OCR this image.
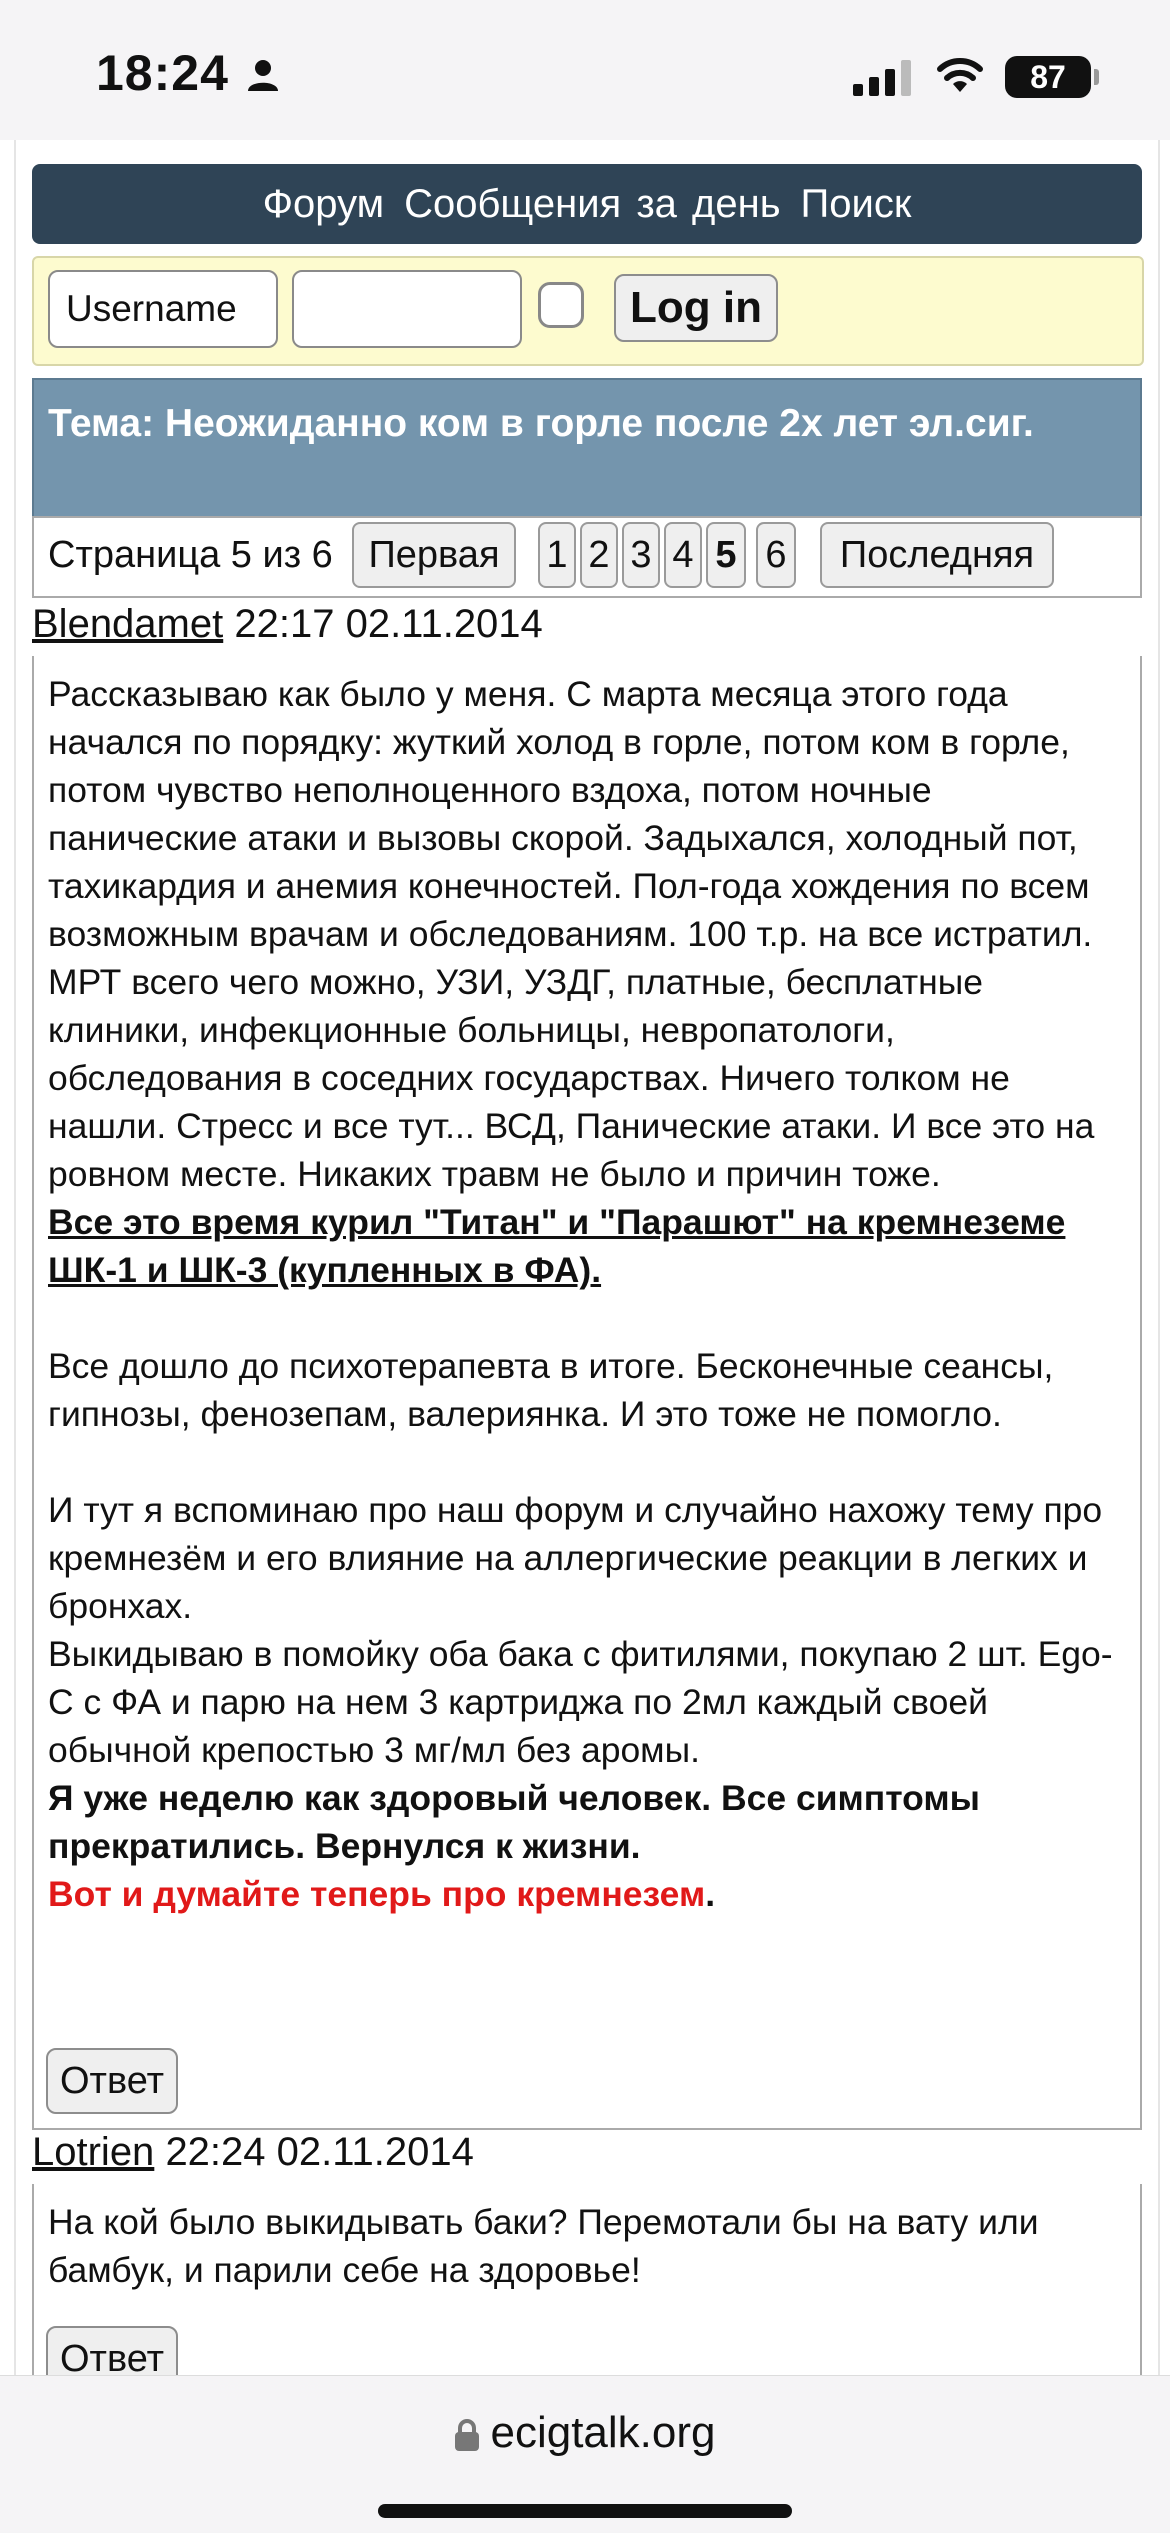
18:24	87
Форум Сообщения за день Поиск
Username	Log in
Тема: Неожиданно ком в горле после 2х лет эл.сиг.
Страница 5 из 6 Первая	1 2 3 4 5 6	Последняя
Blendamet 22:17 02.11.2014

Рассказываю как было у меня. С марта месяца этого года начался по порядку: жуткий холод в горле, потом ком в горле, потом чувство неполноценного вздоха, потом ночные панические атаки и вызовы скорой. Задыхался, холодный пот, тахикардия и анемия конечностей. Пол-года хождения по всем возможным врачам и обследованиям. 100 т.р. на все истратил. МРТ всего чего можно, УЗИ, УЗДГ, платные, бесплатные клиники, инфекционные больницы, невропатологи, обследования в соседних государствах. Ничего толком не нашли. Стресс и все тут... ВСД, Панические атаки. И все это на ровном месте. Никаких травм не было и причин тоже.

Все это время курил "Титан" и "Парашют" на кремнеземе ШК-1 и ШК-3 (купленных в ФА).

Все дошло до психотерапевта в итоге. Бесконечные сеансы, гипнозы, фенозепам, валериянка. И это тоже не помогло.

И тут я вспоминаю про наш форум и случайно нахожу тему про кремнезём и его влияние на аллергические реакции в легких и бронхах.

Выкидываю в помойку оба бака с фитилями, покупаю 2 шт. Ego-C с ФА и парю на нем 3 картриджа по 2мл каждый своей обычной крепостью 3 мг/мл без аромы.

Я уже неделю как здоровый человек. Все симптомы прекратились. Вернулся к жизни.

Вот и думайте теперь про кремнезем.

Ответ
Lotrien 22:24 02.11.2014

На кой было выкидывать баки? Перемотали бы на вату или бамбук, и парили себе на здоровье!

Ответ
ecigtalk.org
